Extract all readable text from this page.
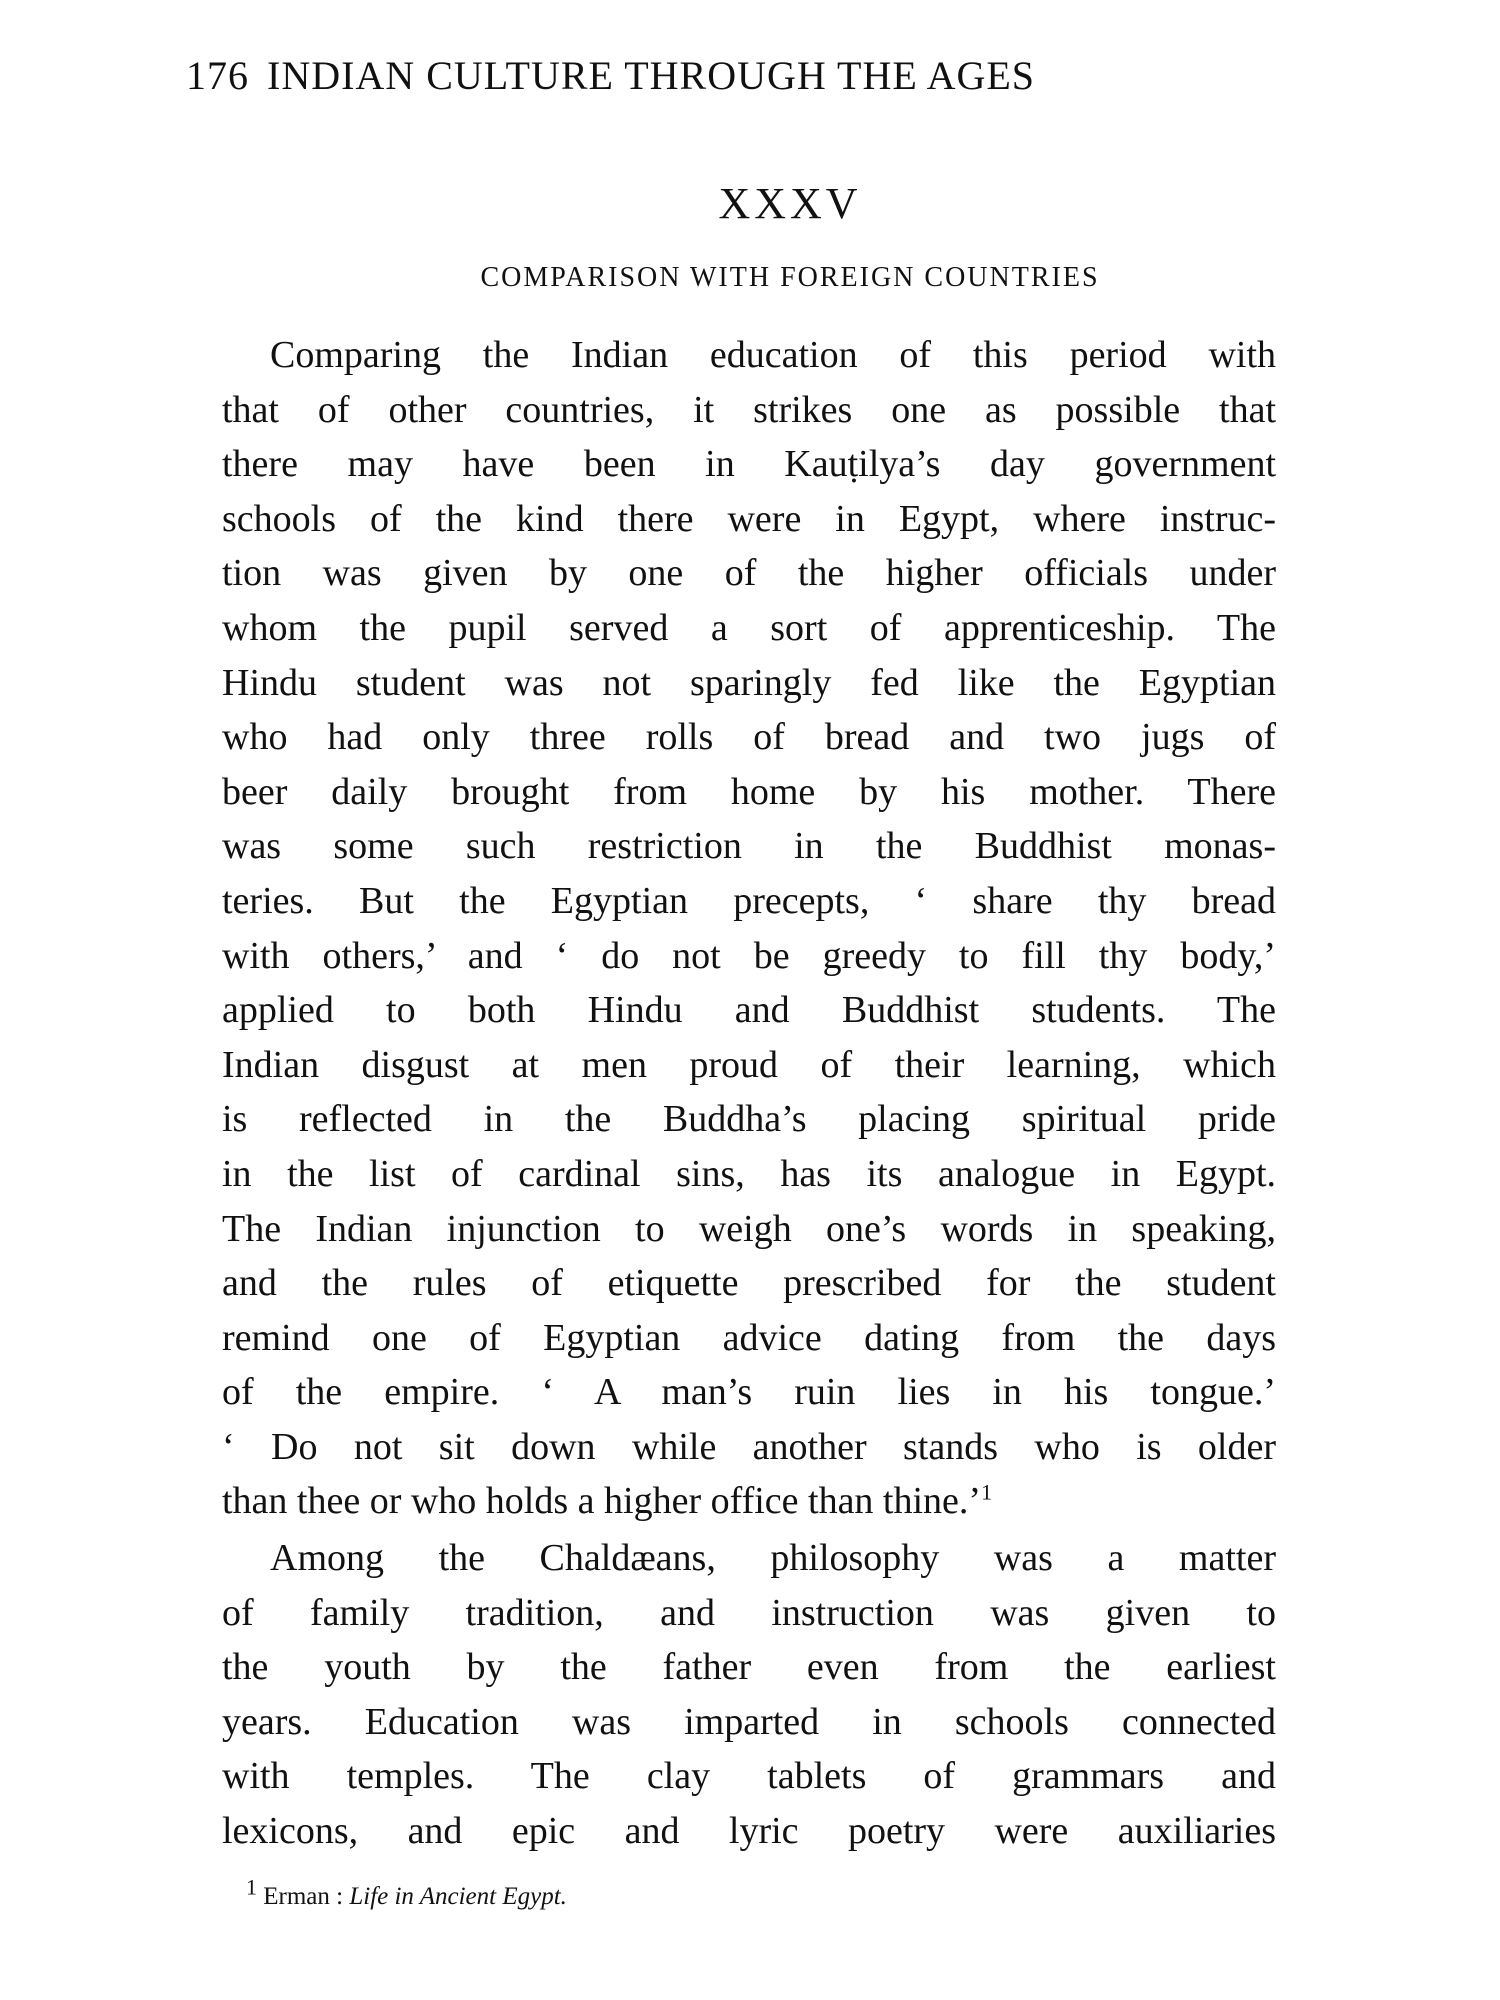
176 INDIAN CULTURE THROUGH THE AGES
XXXV
COMPARISON WITH FOREIGN COUNTRIES
Comparing the Indian education of this period with
that of other countries, it strikes one as possible that
there may have been in Kauṭilya’s day government
schools of the kind there were in Egypt, where instruc-
tion was given by one of the higher officials under
whom the pupil served a sort of apprenticeship. The
Hindu student was not sparingly fed like the Egyptian
who had only three rolls of bread and two jugs of
beer daily brought from home by his mother. There
was some such restriction in the Buddhist monas-
teries. But the Egyptian precepts, ‘ share thy bread
with others,’ and ‘ do not be greedy to fill thy body,’
applied to both Hindu and Buddhist students. The
Indian disgust at men proud of their learning, which
is reflected in the Buddha’s placing spiritual pride
in the list of cardinal sins, has its analogue in Egypt.
The Indian injunction to weigh one’s words in speaking,
and the rules of etiquette prescribed for the student
remind one of Egyptian advice dating from the days
of the empire. ‘ A man’s ruin lies in his tongue.’
‘ Do not sit down while another stands who is older
than thee or who holds a higher office than thine.’$^1$
Among the Chaldæans, philosophy was a matter
of family tradition, and instruction was given to
the youth by the father even from the earliest
years. Education was imparted in schools connected
with temples. The clay tablets of grammars and
lexicons, and epic and lyric poetry were auxiliaries
$^1$ Erman : Life in Ancient Egypt.
